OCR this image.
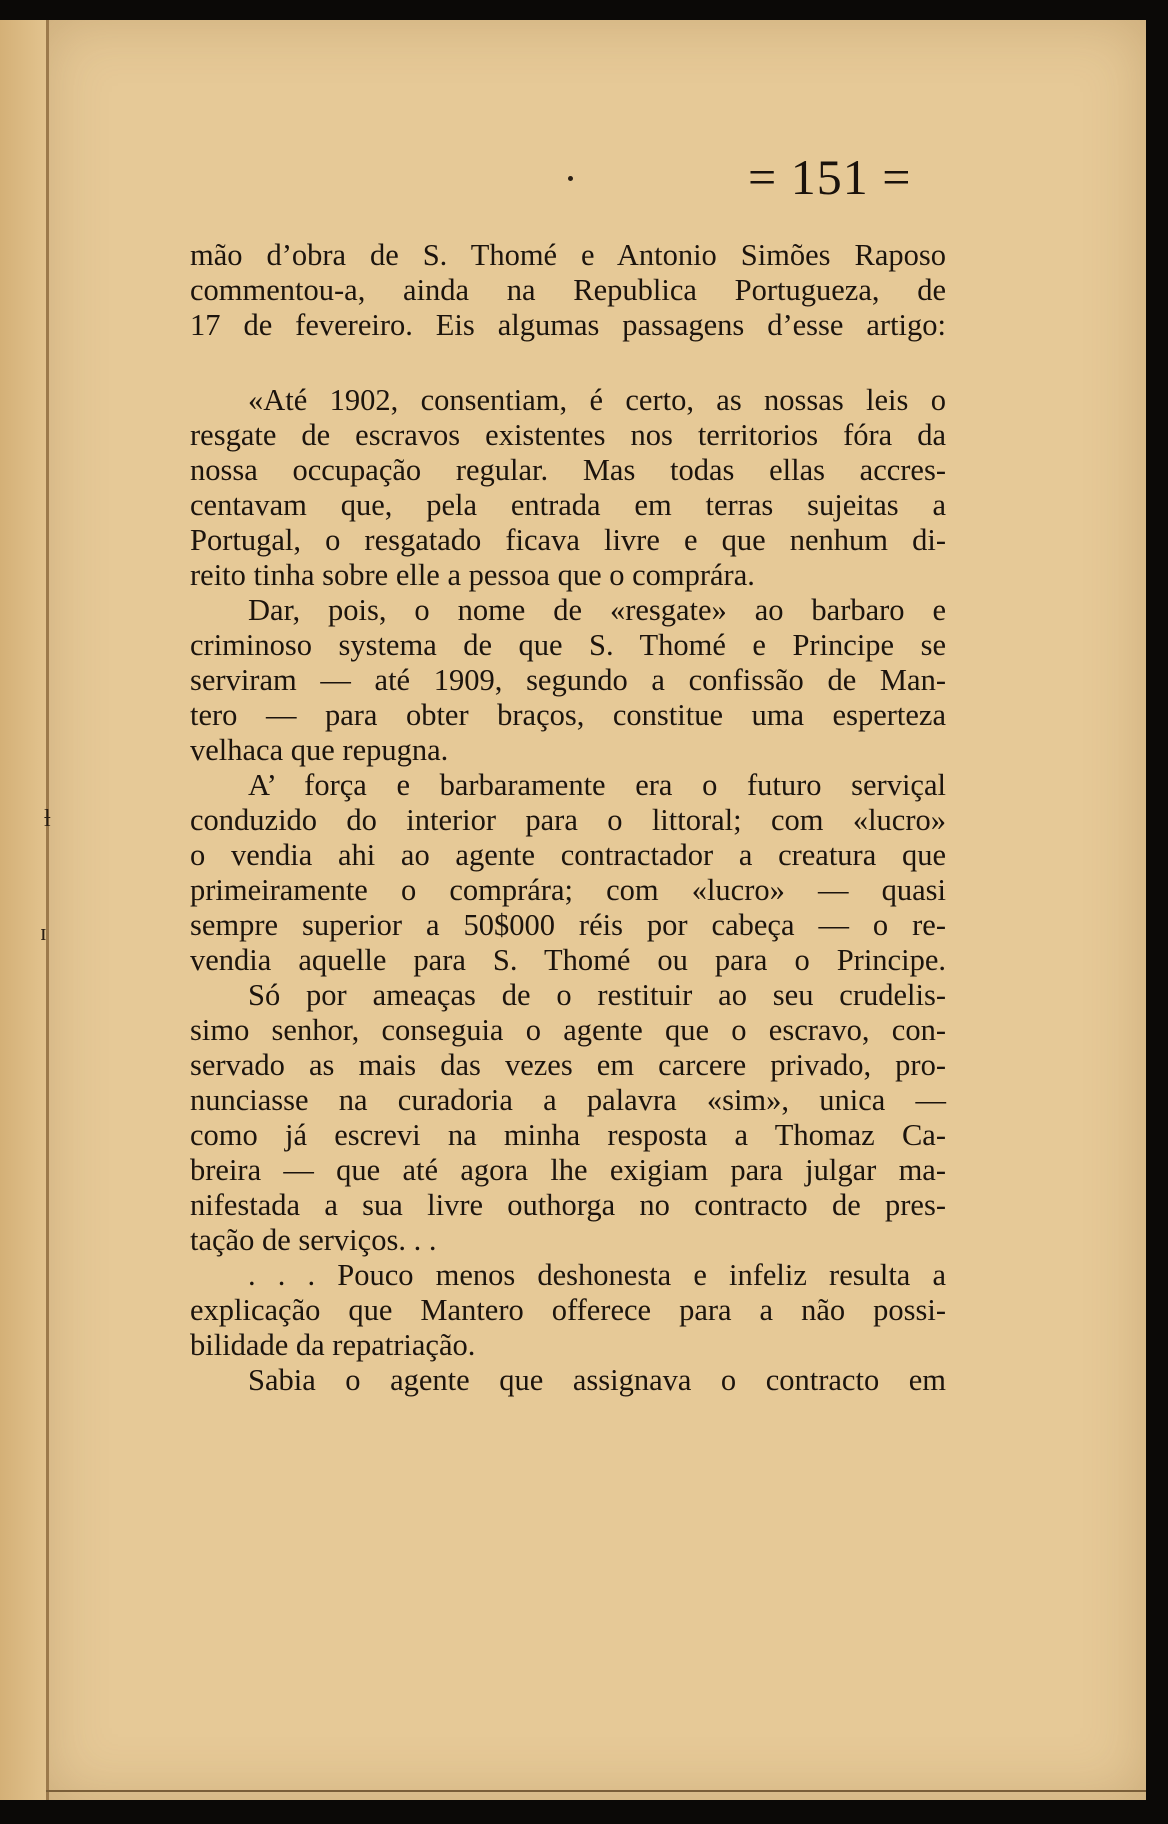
= 151 =
ƚ
ɪ
mão d’obra de S. Thomé e Antonio Simões Raposo
commentou-a, ainda na Republica Portugueza, de
17 de fevereiro. Eis algumas passagens d’esse artigo:
«Até 1902, consentiam, é certo, as nossas leis o
resgate de escravos existentes nos territorios fóra da
nossa occupação regular. Mas todas ellas accres-
centavam que, pela entrada em terras sujeitas a
Portugal, o resgatado ficava livre e que nenhum di-
reito tinha sobre elle a pessoa que o comprára.
Dar, pois, o nome de «resgate» ao barbaro e
criminoso systema de que S. Thomé e Principe se
serviram — até 1909, segundo a confissão de Man-
tero — para obter braços, constitue uma esperteza
velhaca que repugna.
A’ força e barbaramente era o futuro serviçal
conduzido do interior para o littoral; com «lucro»
o vendia ahi ao agente contractador a creatura que
primeiramente o comprára; com «lucro» — quasi
sempre superior a 50$000 réis por cabeça — o re-
vendia aquelle para S. Thomé ou para o Principe.
Só por ameaças de o restituir ao seu crudelis-
simo senhor, conseguia o agente que o escravo, con-
servado as mais das vezes em carcere privado, pro-
nunciasse na curadoria a palavra «sim», unica —
como já escrevi na minha resposta a Thomaz Ca-
breira — que até agora lhe exigiam para julgar ma-
nifestada a sua livre outhorga no contracto de pres-
tação de serviços. . .
. . . Pouco menos deshonesta e infeliz resulta a
explicação que Mantero offerece para a não possi-
bilidade da repatriação.
Sabia o agente que assignava o contracto em
